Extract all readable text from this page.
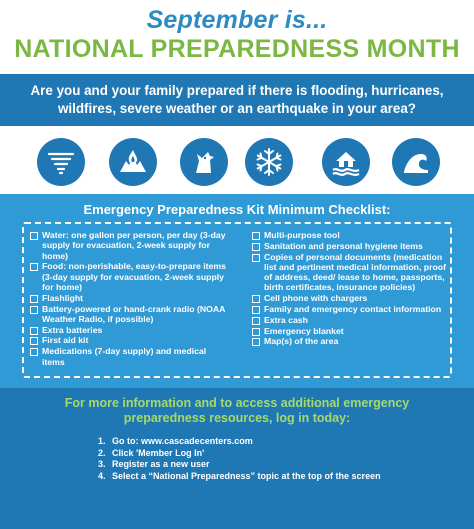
September is...
NATIONAL PREPAREDNESS MONTH
Are you and your family prepared if there is flooding, hurricanes,
wildfires, severe weather or an earthquake in your area?
Emergency Preparedness Kit Minimum Checklist:
Water: one gallon per person, per day (3-day supply for evacuation, 2-week supply for home)
Food: non-perishable, easy-to-prepare items (3-day supply for evacuation, 2-week supply for home)
Flashlight
Battery-powered or hand-crank radio (NOAA Weather Radio, if possible)
Extra batteries
First aid kit
Medications (7-day supply) and medical items
Multi-purpose tool
Sanitation and personal hygiene items
Copies of personal documents (medication list and pertinent medical information, proof of address, deed/ lease to home, passports, birth certificates, insurance policies)
Cell phone with chargers
Family and emergency contact information
Extra cash
Emergency blanket
Map(s) of the area
For more information and to access additional emergency
preparedness resources, log in today:
1. Go to: www.cascadecenters.com
2. Click 'Member Log In'
3. Register as a new user
4. Select a “National Preparedness” topic at the top of the screen
